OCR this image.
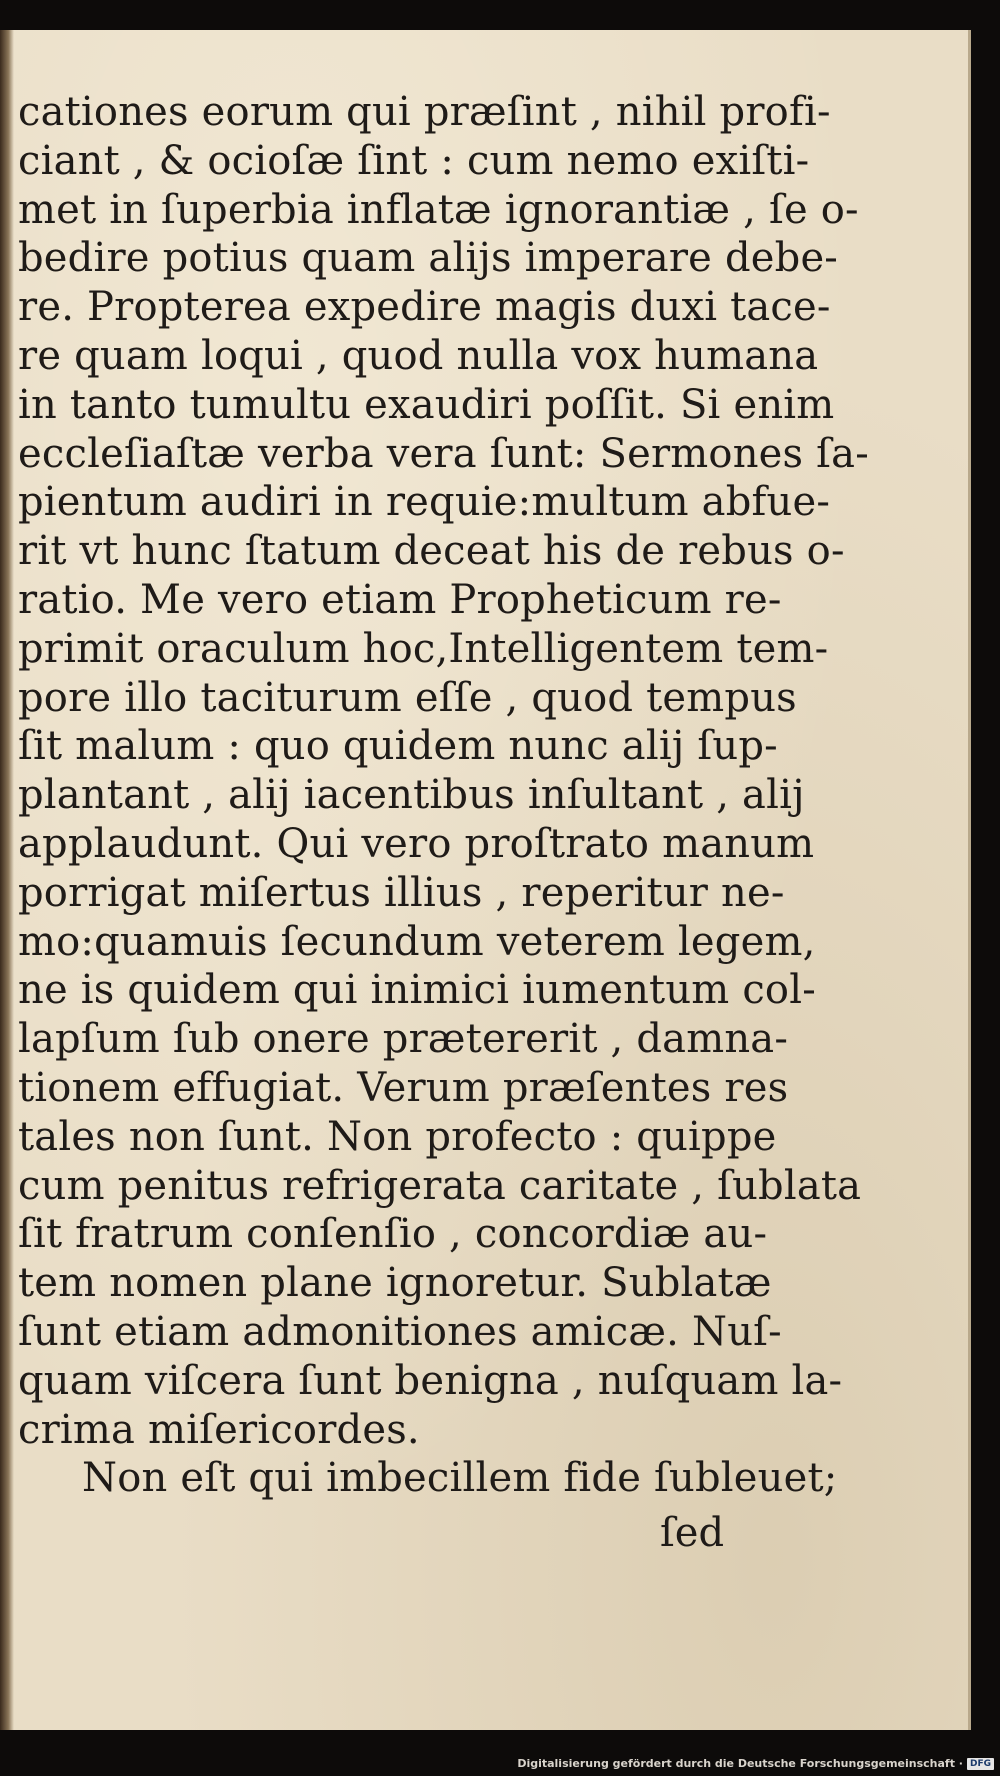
cationes eorum qui præſint , nihil profi-
ciant , & ocioſæ ſint : cum nemo exiſti-
met in ſuperbia inflatæ ignorantiæ , ſe o-
bedire potius quam alijs imperare debe-
re. Propterea expedire magis duxi tace-
re quam loqui , quod nulla vox humana
in tanto tumultu exaudiri poſſit. Si enim
eccleſiaſtæ verba vera ſunt: Sermones ſa-
pientum audiri in requie:multum abfue-
rit vt hunc ſtatum deceat his de rebus o-
ratio. Me vero etiam Propheticum re-
primit oraculum hoc,Intelligentem tem-
pore illo taciturum eſſe , quod tempus
ſit malum : quo quidem nunc alij ſup-
plantant , alij iacentibus inſultant , alij
applaudunt. Qui vero proſtrato manum
porrigat miſertus illius , reperitur ne-
mo:quamuis ſecundum veterem legem,
ne is quidem qui inimici iumentum col-
lapſum ſub onere prætererit , damna-
tionem effugiat. Verum præſentes res
tales non ſunt. Non profecto : quippe
cum penitus refrigerata caritate , ſublata
ſit fratrum conſenſio , concordiæ au-
tem nomen plane ignoretur. Sublatæ
ſunt etiam admonitiones amicæ. Nuſ-
quam viſcera ſunt benigna , nuſquam la-
crima miſericordes.
Non eſt qui imbecillem fide ſubleuet;
ſed
Digitalisierung gefördert durch die Deutsche Forschungsgemeinschaft · DFG
